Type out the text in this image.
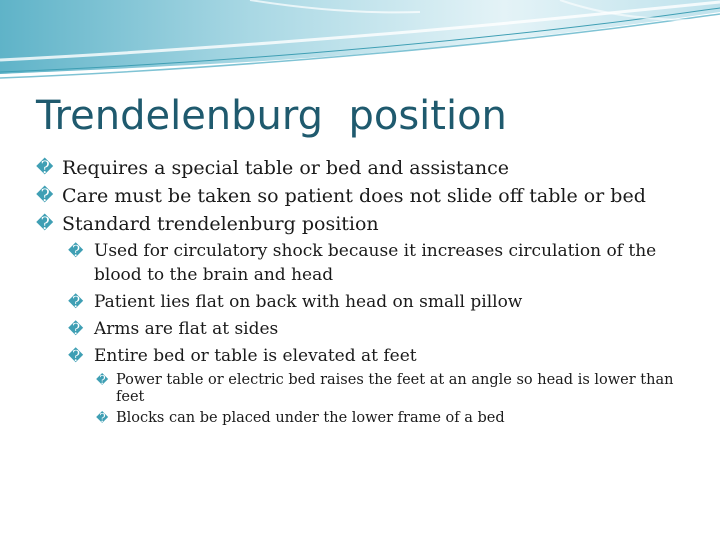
Trendelenburg  position
� Requires a special table or bed and assistance
� Care must be taken so patient does not slide off table or bed
� Standard trendelenburg position
� Used for circulatory shock because it increases circulation of the blood to the brain and head
� Patient lies flat on back with head on small pillow
� Arms are flat at sides
� Entire bed or table is elevated at feet
� Power table or electric bed raises the feet at an angle so head is lower than feet
� Blocks can be placed under the lower frame of a bed
